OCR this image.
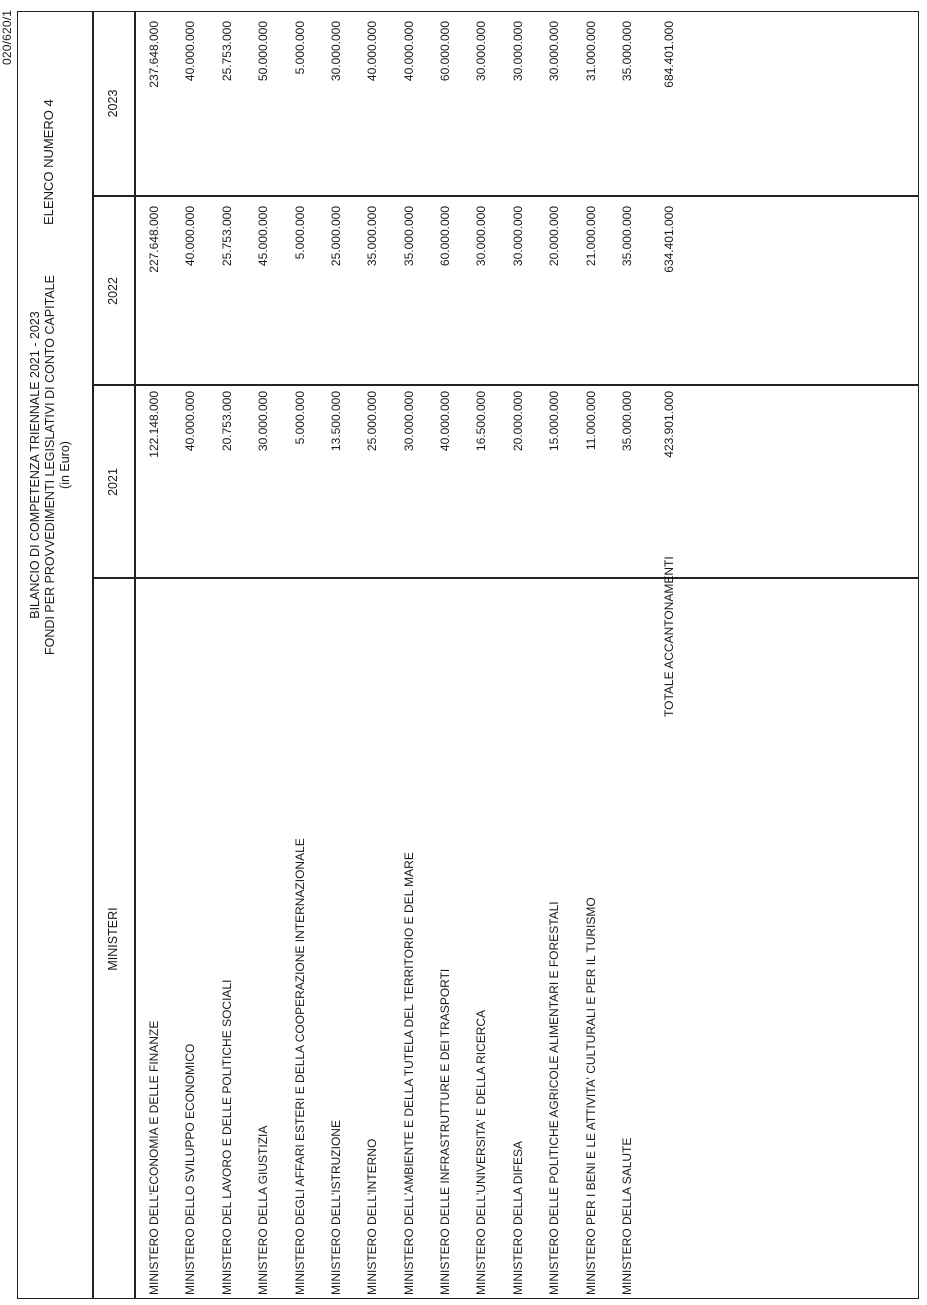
020/620/1
BILANCIO DI COMPETENZA TRIENNALE 2021 - 2023 FONDI PER PROVVEDIMENTI LEGISLATIVI DI CONTO CAPITALE (in Euro)
ELENCO NUMERO 4
MINISTERI
2021
2022
2023
MINISTERO DELL'ECONOMIA E DELLE FINANZE
122.148.000
227.648.000
237.648.000
MINISTERO DELLO SVILUPPO ECONOMICO
40.000.000
40.000.000
40.000.000
MINISTERO DEL LAVORO E DELLE POLITICHE SOCIALI
20.753.000
25.753.000
25.753.000
MINISTERO DELLA GIUSTIZIA
30.000.000
45.000.000
50.000.000
MINISTERO DEGLI AFFARI ESTERI E DELLA COOPERAZIONE INTERNAZIONALE
5.000.000
5.000.000
5.000.000
MINISTERO DELL'ISTRUZIONE
13.500.000
25.000.000
30.000.000
MINISTERO DELL'INTERNO
25.000.000
35.000.000
40.000.000
MINISTERO DELL'AMBIENTE E DELLA TUTELA DEL TERRITORIO E DEL MARE
30.000.000
35.000.000
40.000.000
MINISTERO DELLE INFRASTRUTTURE E DEI TRASPORTI
40.000.000
60.000.000
60.000.000
MINISTERO DELL'UNIVERSITA' E DELLA RICERCA
16.500.000
30.000.000
30.000.000
MINISTERO DELLA DIFESA
20.000.000
30.000.000
30.000.000
MINISTERO DELLE POLITICHE AGRICOLE ALIMENTARI E FORESTALI
15.000.000
20.000.000
30.000.000
MINISTERO PER I BENI E LE ATTIVITA' CULTURALI E PER IL TURISMO
11.000.000
21.000.000
31.000.000
MINISTERO DELLA SALUTE
35.000.000
35.000.000
35.000.000
TOTALE ACCANTONAMENTI
423.901.000
634.401.000
684.401.000
